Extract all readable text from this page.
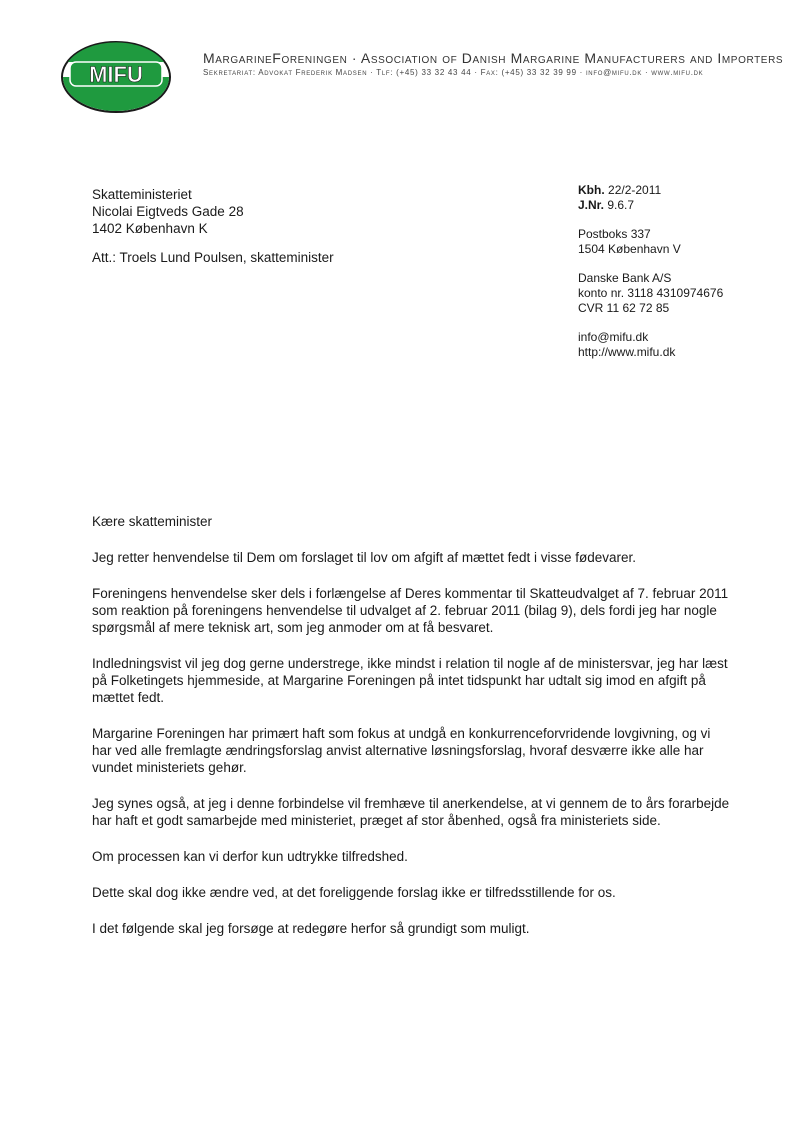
MIFU
MargarineForeningen · Association of Danish Margarine Manufacturers and Importers
Sekretariat: Advokat Frederik Madsen · Tlf: (+45) 33 32 43 44 · Fax: (+45) 33 32 39 99 · info@mifu.dk · www.mifu.dk
Skatteministeriet
Nicolai Eigtveds Gade 28
1402 København K
Att.: Troels Lund Poulsen, skatteminister
Kbh. 22/2-2011
J.Nr. 9.6.7
Postboks 337
1504 København V
Danske Bank A/S
konto nr. 3118 4310974676
CVR 11 62 72 85
info@mifu.dk
http://www.mifu.dk

Kære skatteminister

Jeg retter henvendelse til Dem om forslaget til lov om afgift af mættet fedt i visse fødevarer.

Foreningens henvendelse sker dels i forlængelse af Deres kommentar til Skatteudvalget af 7. februar 2011 som reaktion på foreningens henvendelse til udvalget af 2. februar 2011 (bilag 9), dels fordi jeg har nogle spørgsmål af mere teknisk art, som jeg anmoder om at få besvaret.

Indledningsvist vil jeg dog gerne understrege, ikke mindst i relation til nogle af de ministersvar, jeg har læst på Folketingets hjemmeside, at Margarine Foreningen på intet tidspunkt har udtalt sig imod en afgift på mættet fedt.

Margarine Foreningen har primært haft som fokus at undgå en konkurrenceforvridende lovgivning, og vi har ved alle fremlagte ændringsforslag anvist alternative løsningsforslag, hvoraf desværre ikke alle har vundet ministeriets gehør.

Jeg synes også, at jeg i denne forbindelse vil fremhæve til anerkendelse, at vi gennem de to års forarbejde har haft et godt samarbejde med ministeriet, præget af stor åbenhed, også fra ministeriets side.

Om processen kan vi derfor kun udtrykke tilfredshed.

Dette skal dog ikke ændre ved, at det foreliggende forslag ikke er tilfredsstillende for os.

I det følgende skal jeg forsøge at redegøre herfor så grundigt som muligt.
